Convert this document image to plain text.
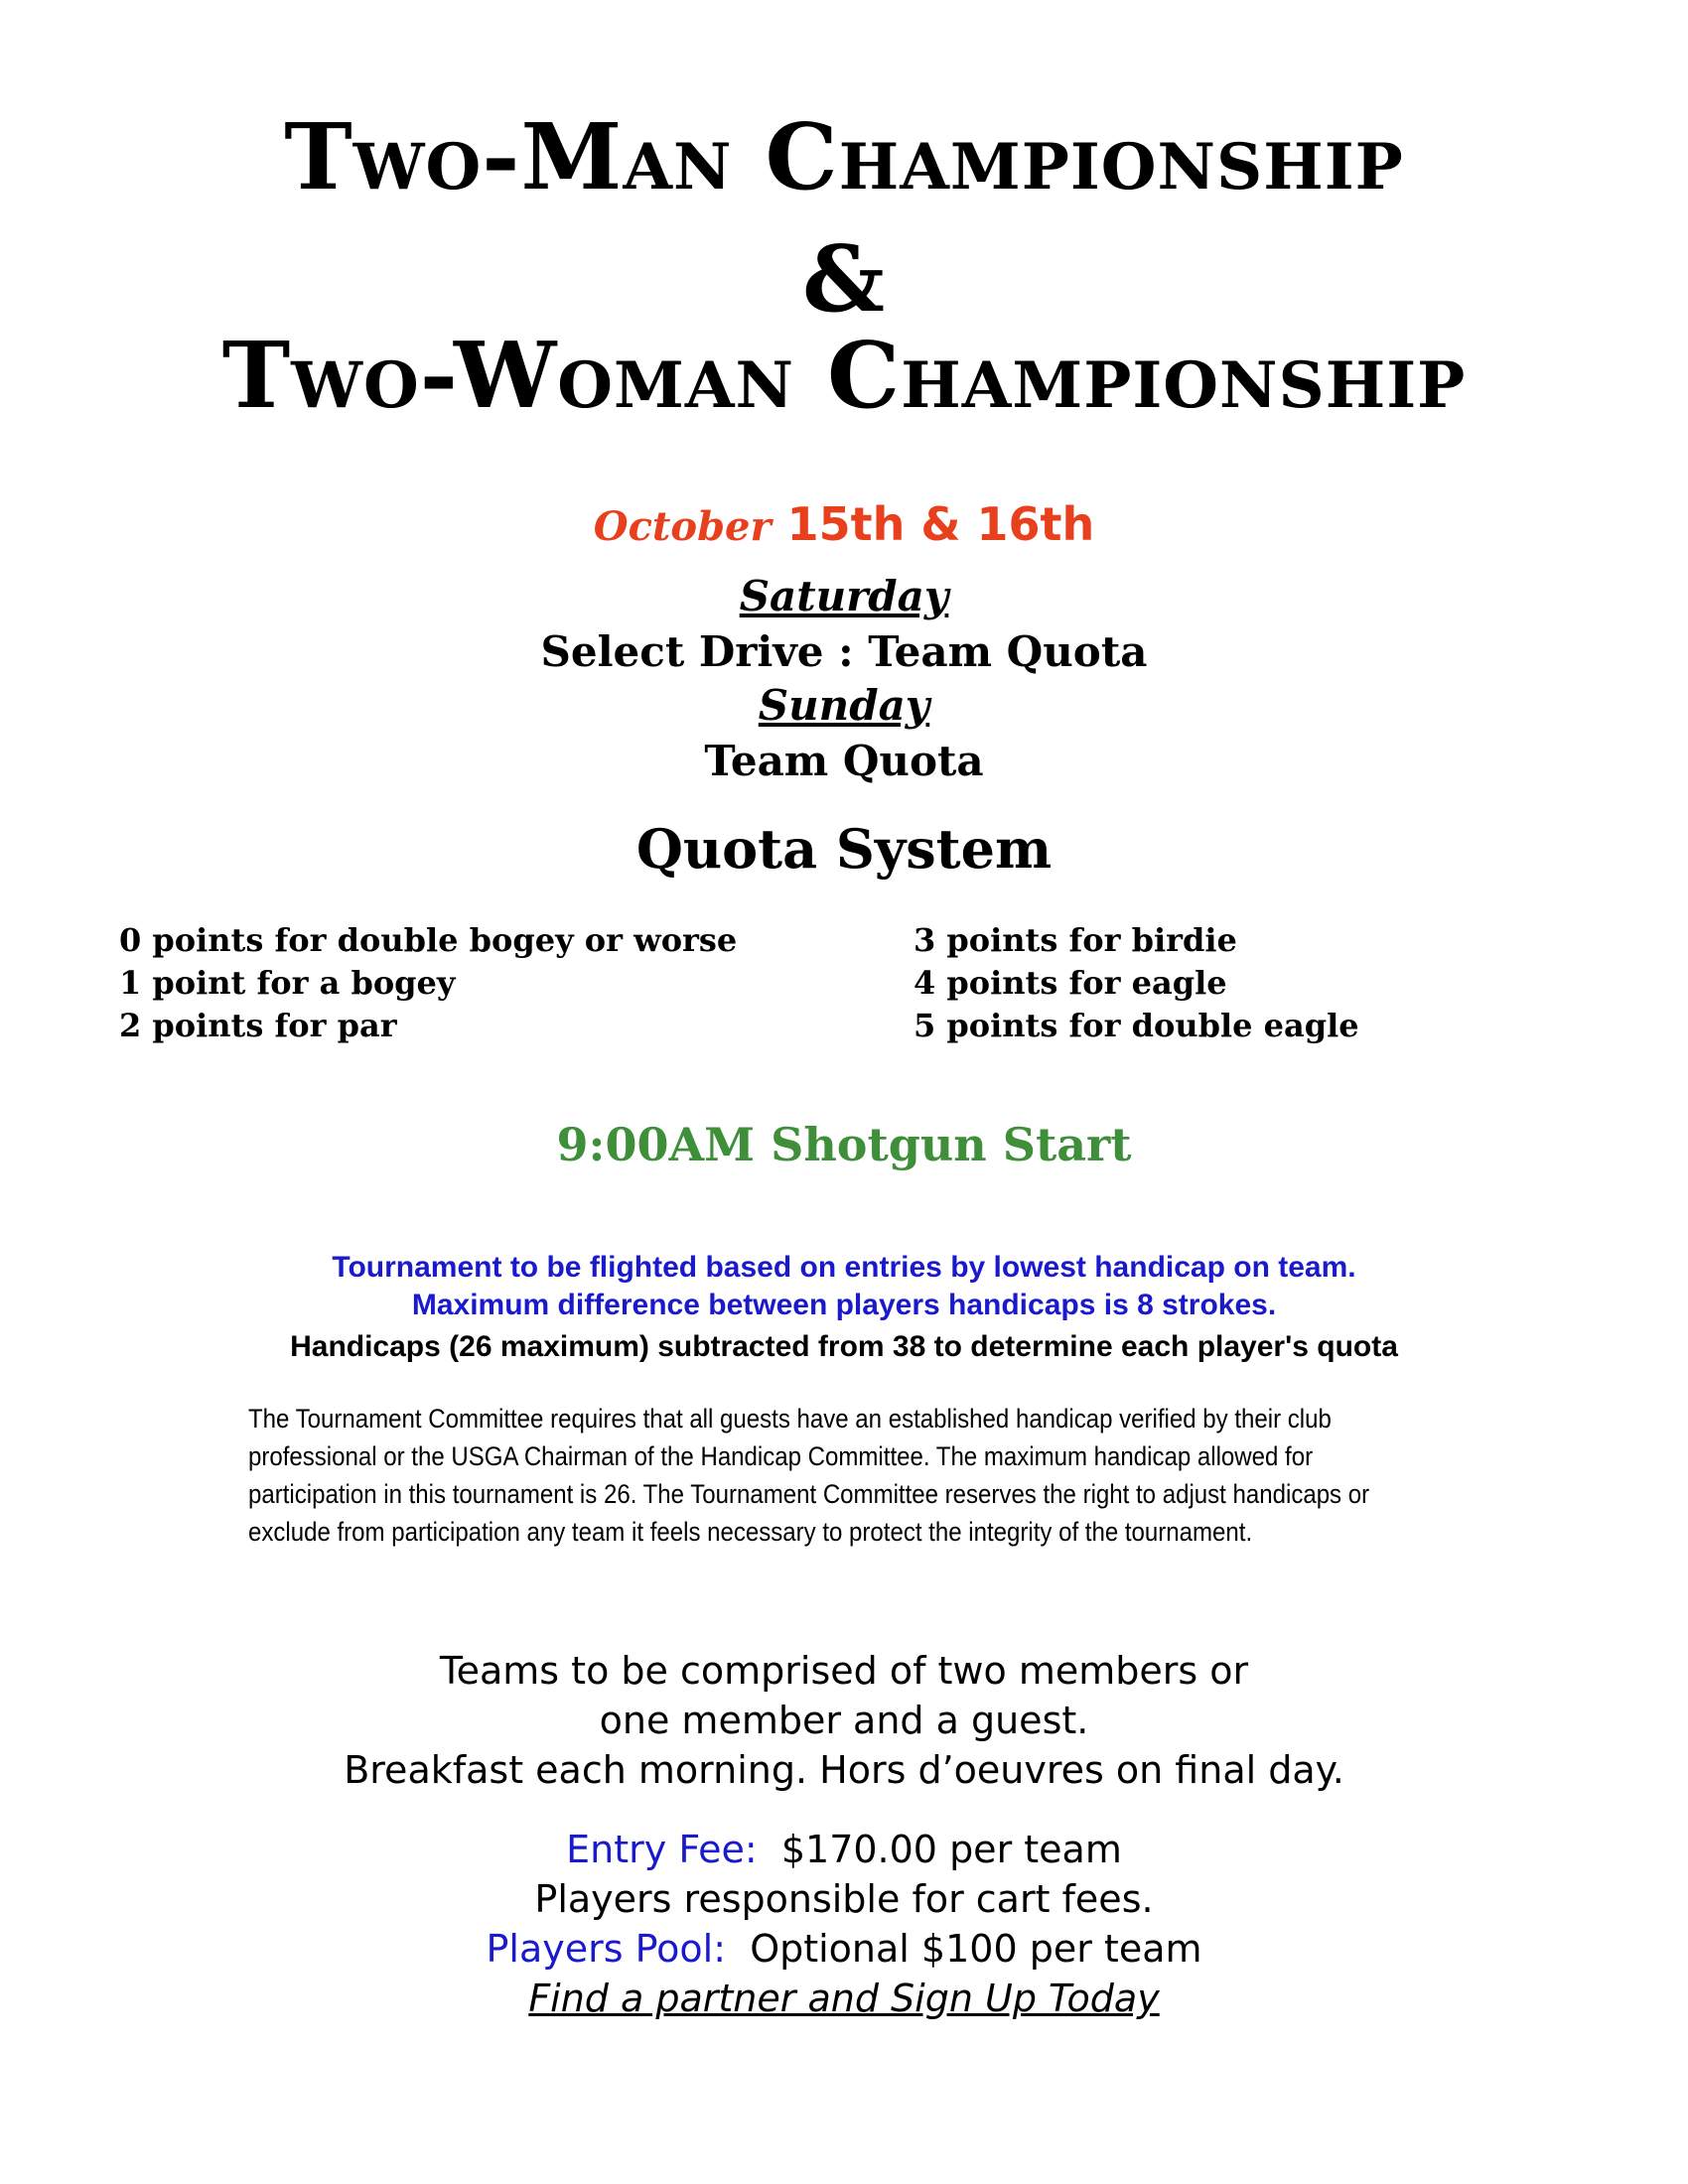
Two-Man Championship
&
Two-Woman Championship
October 15th & 16th
Saturday
Select Drive : Team Quota
Sunday
Team Quota
Quota System
0 points for double bogey or worse
1 point for a bogey
2 points for par
3 points for birdie
4 points for eagle
5 points for double eagle
9:00AM Shotgun Start
Tournament to be flighted based on entries by lowest handicap on team.
Maximum difference between players handicaps is 8 strokes.
Handicaps (26 maximum) subtracted from 38 to determine each player's quota
The Tournament Committee requires that all guests have an established handicap verified by their club professional or the USGA Chairman of the Handicap Committee. The maximum handicap allowed for participation in this tournament is 26. The Tournament Committee reserves the right to adjust handicaps or exclude from participation any team it feels necessary to protect the integrity of the tournament.
Teams to be comprised of two members or
one member and a guest.
Breakfast each morning. Hors d’oeuvres on final day.
Entry Fee: $170.00 per team
Players responsible for cart fees.
Players Pool: Optional $100 per team
Find a partner and Sign Up Today
